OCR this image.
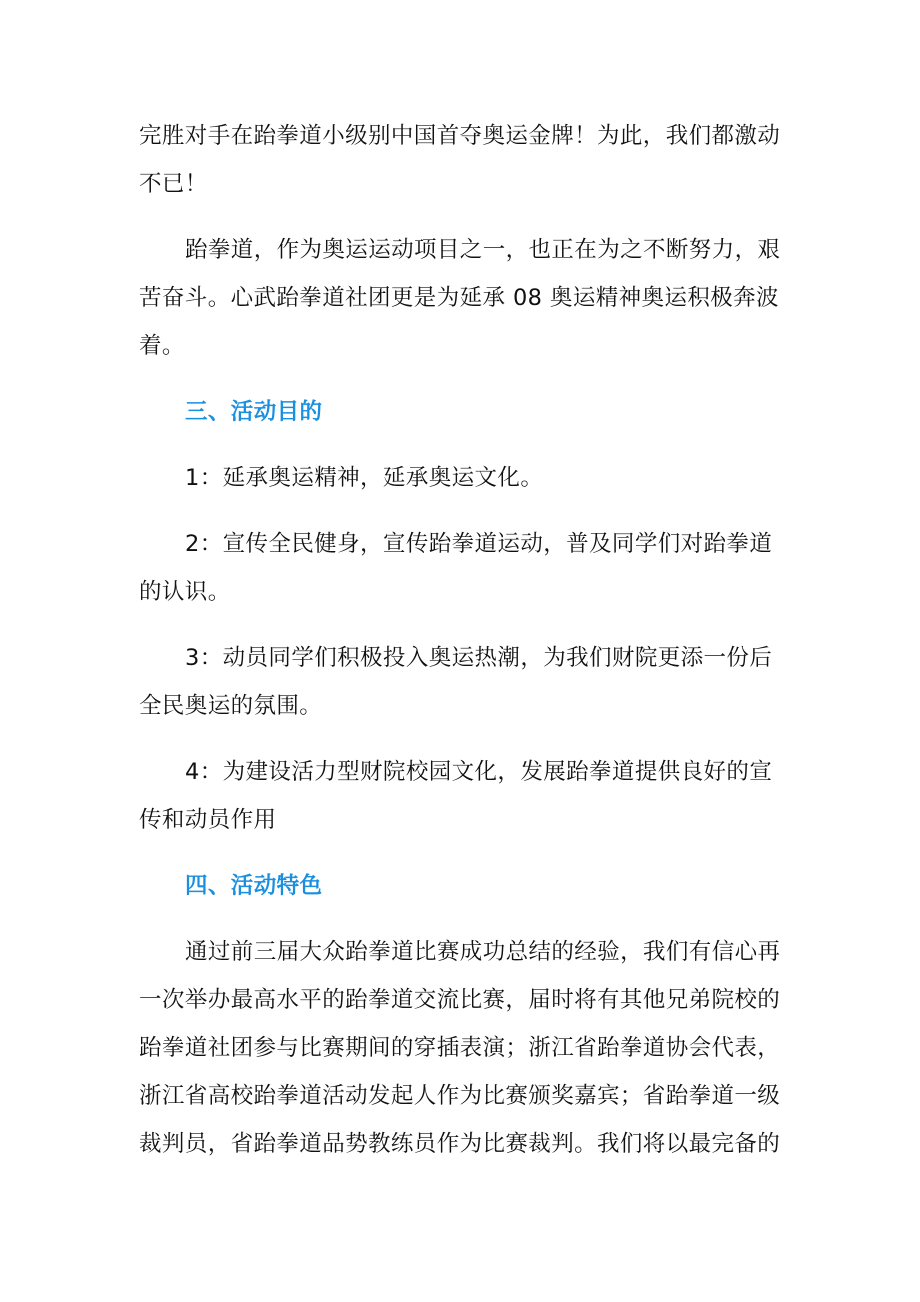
完胜对手在跆拳道小级别中国首夺奥运金牌！为此，我们都激动
不已！
跆拳道，作为奥运运动项目之一，也正在为之不断努力，艰
苦奋斗。心武跆拳道社团更是为延承 08 奥运精神奥运积极奔波
着。
三、活动目的
1：延承奥运精神，延承奥运文化。
2：宣传全民健身，宣传跆拳道运动，普及同学们对跆拳道
的认识。
3：动员同学们积极投入奥运热潮，为我们财院更添一份后
全民奥运的氛围。
4：为建设活力型财院校园文化，发展跆拳道提供良好的宣
传和动员作用
四、活动特色
通过前三届大众跆拳道比赛成功总结的经验，我们有信心再
一次举办最高水平的跆拳道交流比赛，届时将有其他兄弟院校的
跆拳道社团参与比赛期间的穿插表演；浙江省跆拳道协会代表，
浙江省高校跆拳道活动发起人作为比赛颁奖嘉宾；省跆拳道一级
裁判员，省跆拳道品势教练员作为比赛裁判。我们将以最完备的
